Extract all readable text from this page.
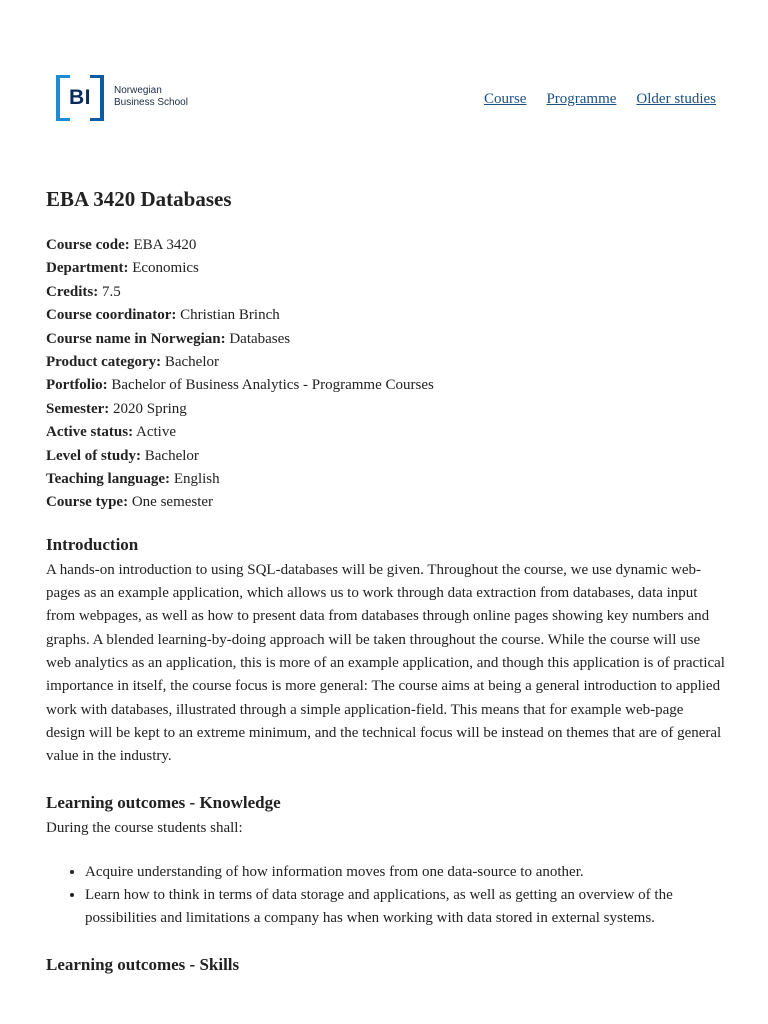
BI	Norwegian
Business School	Course Programme Older studies
EBA 3420 Databases

Course code: EBA 3420

Department: Economics

Credits: 7.5

Course coordinator: Christian Brinch

Course name in Norwegian: Databases

Product category: Bachelor

Portfolio: Bachelor of Business Analytics - Programme Courses

Semester: 2020 Spring

Active status: Active

Level of study: Bachelor

Teaching language: English

Course type: One semester

Introduction

A hands-on introduction to using SQL-databases will be given. Throughout the course, we use dynamic web-pages as an example application, which allows us to work through data extraction from databases, data input from webpages, as well as how to present data from databases through online pages showing key numbers and graphs. A blended learning-by-doing approach will be taken throughout the course. While the course will use web analytics as an application, this is more of an example application, and though this application is of practical importance in itself, the course focus is more general: The course aims at being a general introduction to applied work with databases, illustrated through a simple application-field. This means that for example web-page design will be kept to an extreme minimum, and the technical focus will be instead on themes that are of general value in the industry.

Learning outcomes - Knowledge

During the course students shall:

• Acquire understanding of how information moves from one data-source to another.
• Learn how to think in terms of data storage and applications, as well as getting an overview of the possibilities and limitations a company has when working with data stored in external systems.
Learning outcomes - Skills
